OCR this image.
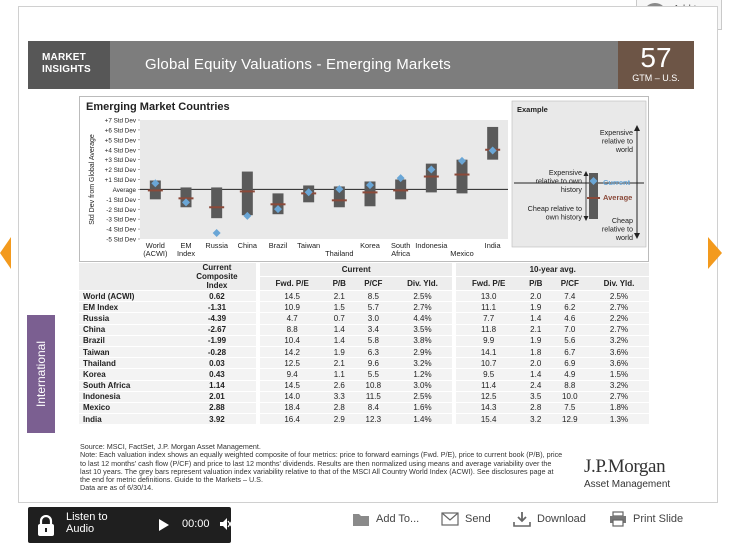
MARKET
INSIGHTS	Global Equity Valuations - Emerging Markets	57
GTM – U.S.
International
Emerging Market Countries
+7 Std Dev
+6 Std Dev
+5 Std Dev
+4 Std Dev
+3 Std Dev
+2 Std Dev
+1 Std Dev
Average
-1 Std Dev
-2 Std Dev
-3 Std Dev
-4 Std Dev
-5 Std Dev
Std Dev from Global Average
World
(ACWI)
EM
Index
Russia China Brazil Taiwan
Thailand
Korea South
Africa
Indonesia
Mexico
India
Example
Current
Average
Expensive
relative to
world
Expensive
relative to own
history
Cheap relative to
own history	Cheap
relative to
world

	Current
Composite
Index		Current					10-year avg.			
			Fwd. P/E	P/B	P/CF	Div. Yld.		Fwd. P/E	P/B	P/CF	Div. Yld.
World (ACWI)	0.62		14.5	2.1	8.5	2.5%		13.0	2.0	7.4	2.5%
EM Index	-1.31		10.9	1.5	5.7	2.7%		11.1	1.9	6.2	2.7%
Russia	-4.39		4.7	0.7	3.0	4.4%		7.7	1.4	4.6	2.2%
China	-2.67		8.8	1.4	3.4	3.5%		11.8	2.1	7.0	2.7%
Brazil	-1.99		10.4	1.4	5.8	3.8%		9.9	1.9	5.6	3.2%
Taiwan	-0.28		14.2	1.9	6.3	2.9%		14.1	1.8	6.7	3.6%
Thailand	0.03		12.5	2.1	9.6	3.2%		10.7	2.0	6.9	3.6%
Korea	0.43		9.4	1.1	5.5	1.2%		9.5	1.4	4.9	1.5%
South Africa	1.14		14.5	2.6	10.8	3.0%		11.4	2.4	8.8	3.2%
Indonesia	2.01		14.0	3.3	11.5	2.5%		12.5	3.5	10.0	2.7%
Mexico	2.88		18.4	2.8	8.4	1.6%		14.3	2.8	7.5	1.8%
India	3.92		16.4	2.9	12.3	1.4%		15.4	3.2	12.9	1.3%
Source: MSCI, FactSet, J.P. Morgan Asset Management.
Note: Each valuation index shows an equally weighted composite of four metrics: price to forward earnings (Fwd. P/E), price to current book (P/B), price
to last 12 months' cash flow (P/CF) and price to last 12 months' dividends. Results are then normalized using means and average variability over the
last 10 years. The grey bars represent valuation index variability relative to that of the MSCI All Country World Index (ACWI). See disclosures page at
the end for metric definitions. Guide to the Markets – U.S.
Data are as of 6/30/14.
J.P.Morgan
Asset Management
Listen to
Audio	00:00	Add To...	Send	Download	Print Slide
